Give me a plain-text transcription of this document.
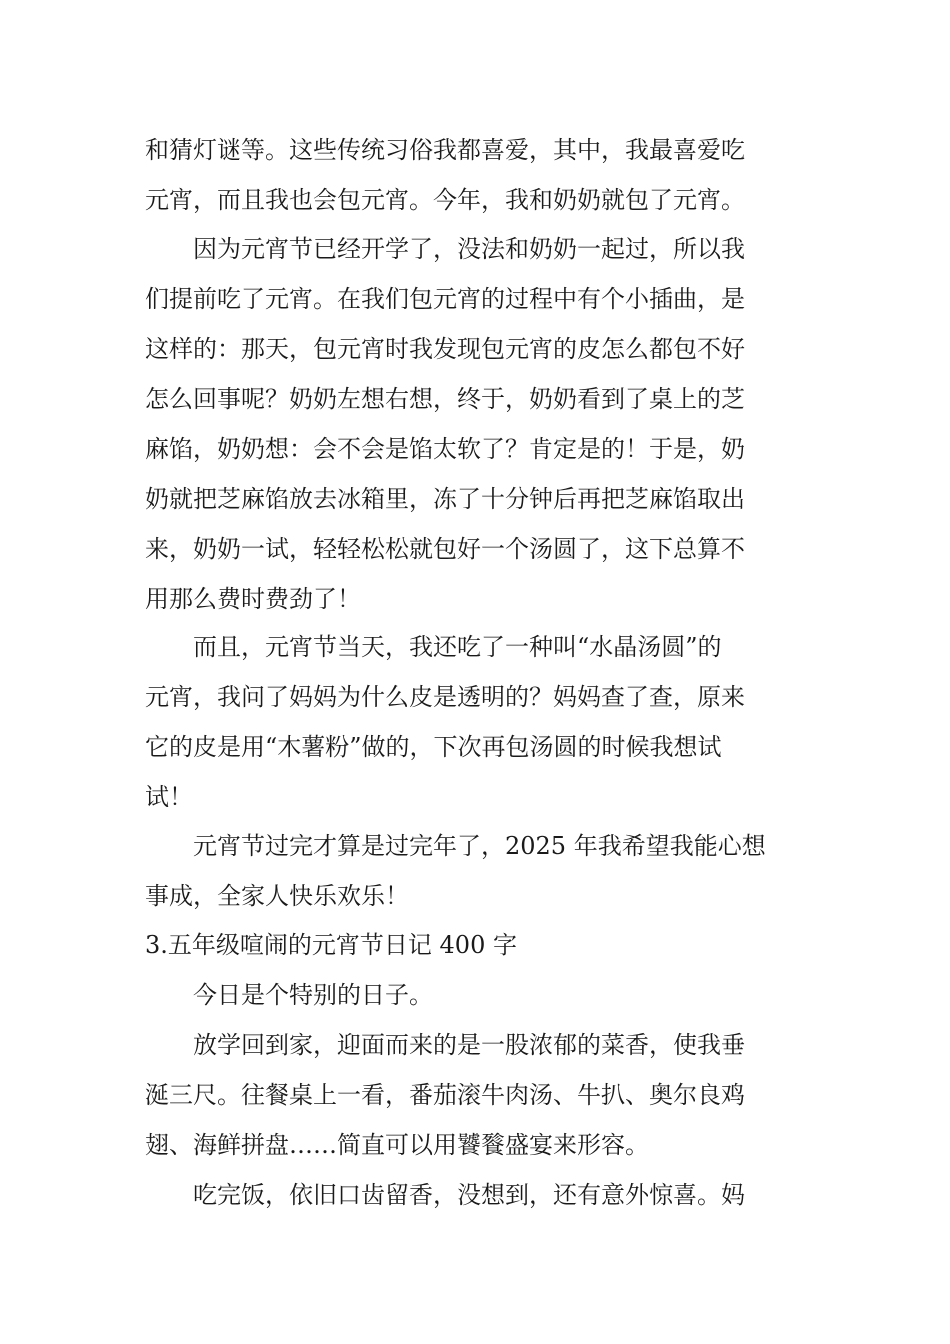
和猜灯谜等。这些传统习俗我都喜爱，其中，我最喜爱吃
元宵，而且我也会包元宵。今年，我和奶奶就包了元宵。
因为元宵节已经开学了，没法和奶奶一起过，所以我
们提前吃了元宵。在我们包元宵的过程中有个小插曲，是
这样的：那天，包元宵时我发现包元宵的皮怎么都包不好
怎么回事呢？奶奶左想右想，终于，奶奶看到了桌上的芝
麻馅，奶奶想：会不会是馅太软了？肯定是的！于是，奶
奶就把芝麻馅放去冰箱里，冻了十分钟后再把芝麻馅取出
来，奶奶一试，轻轻松松就包好一个汤圆了，这下总算不
用那么费时费劲了！
而且，元宵节当天，我还吃了一种叫“水晶汤圆”的
元宵，我问了妈妈为什么皮是透明的？妈妈查了查，原来
它的皮是用“木薯粉”做的，下次再包汤圆的时候我想试
试！
元宵节过完才算是过完年了，2025 年我希望我能心想
事成，全家人快乐欢乐！
3.五年级喧闹的元宵节日记 400 字
今日是个特别的日子。
放学回到家，迎面而来的是一股浓郁的菜香，使我垂
涎三尺。往餐桌上一看，番茄滚牛肉汤、牛扒、奥尔良鸡
翅、海鲜拼盘……简直可以用饕餮盛宴来形容。
吃完饭，依旧口齿留香，没想到，还有意外惊喜。妈
